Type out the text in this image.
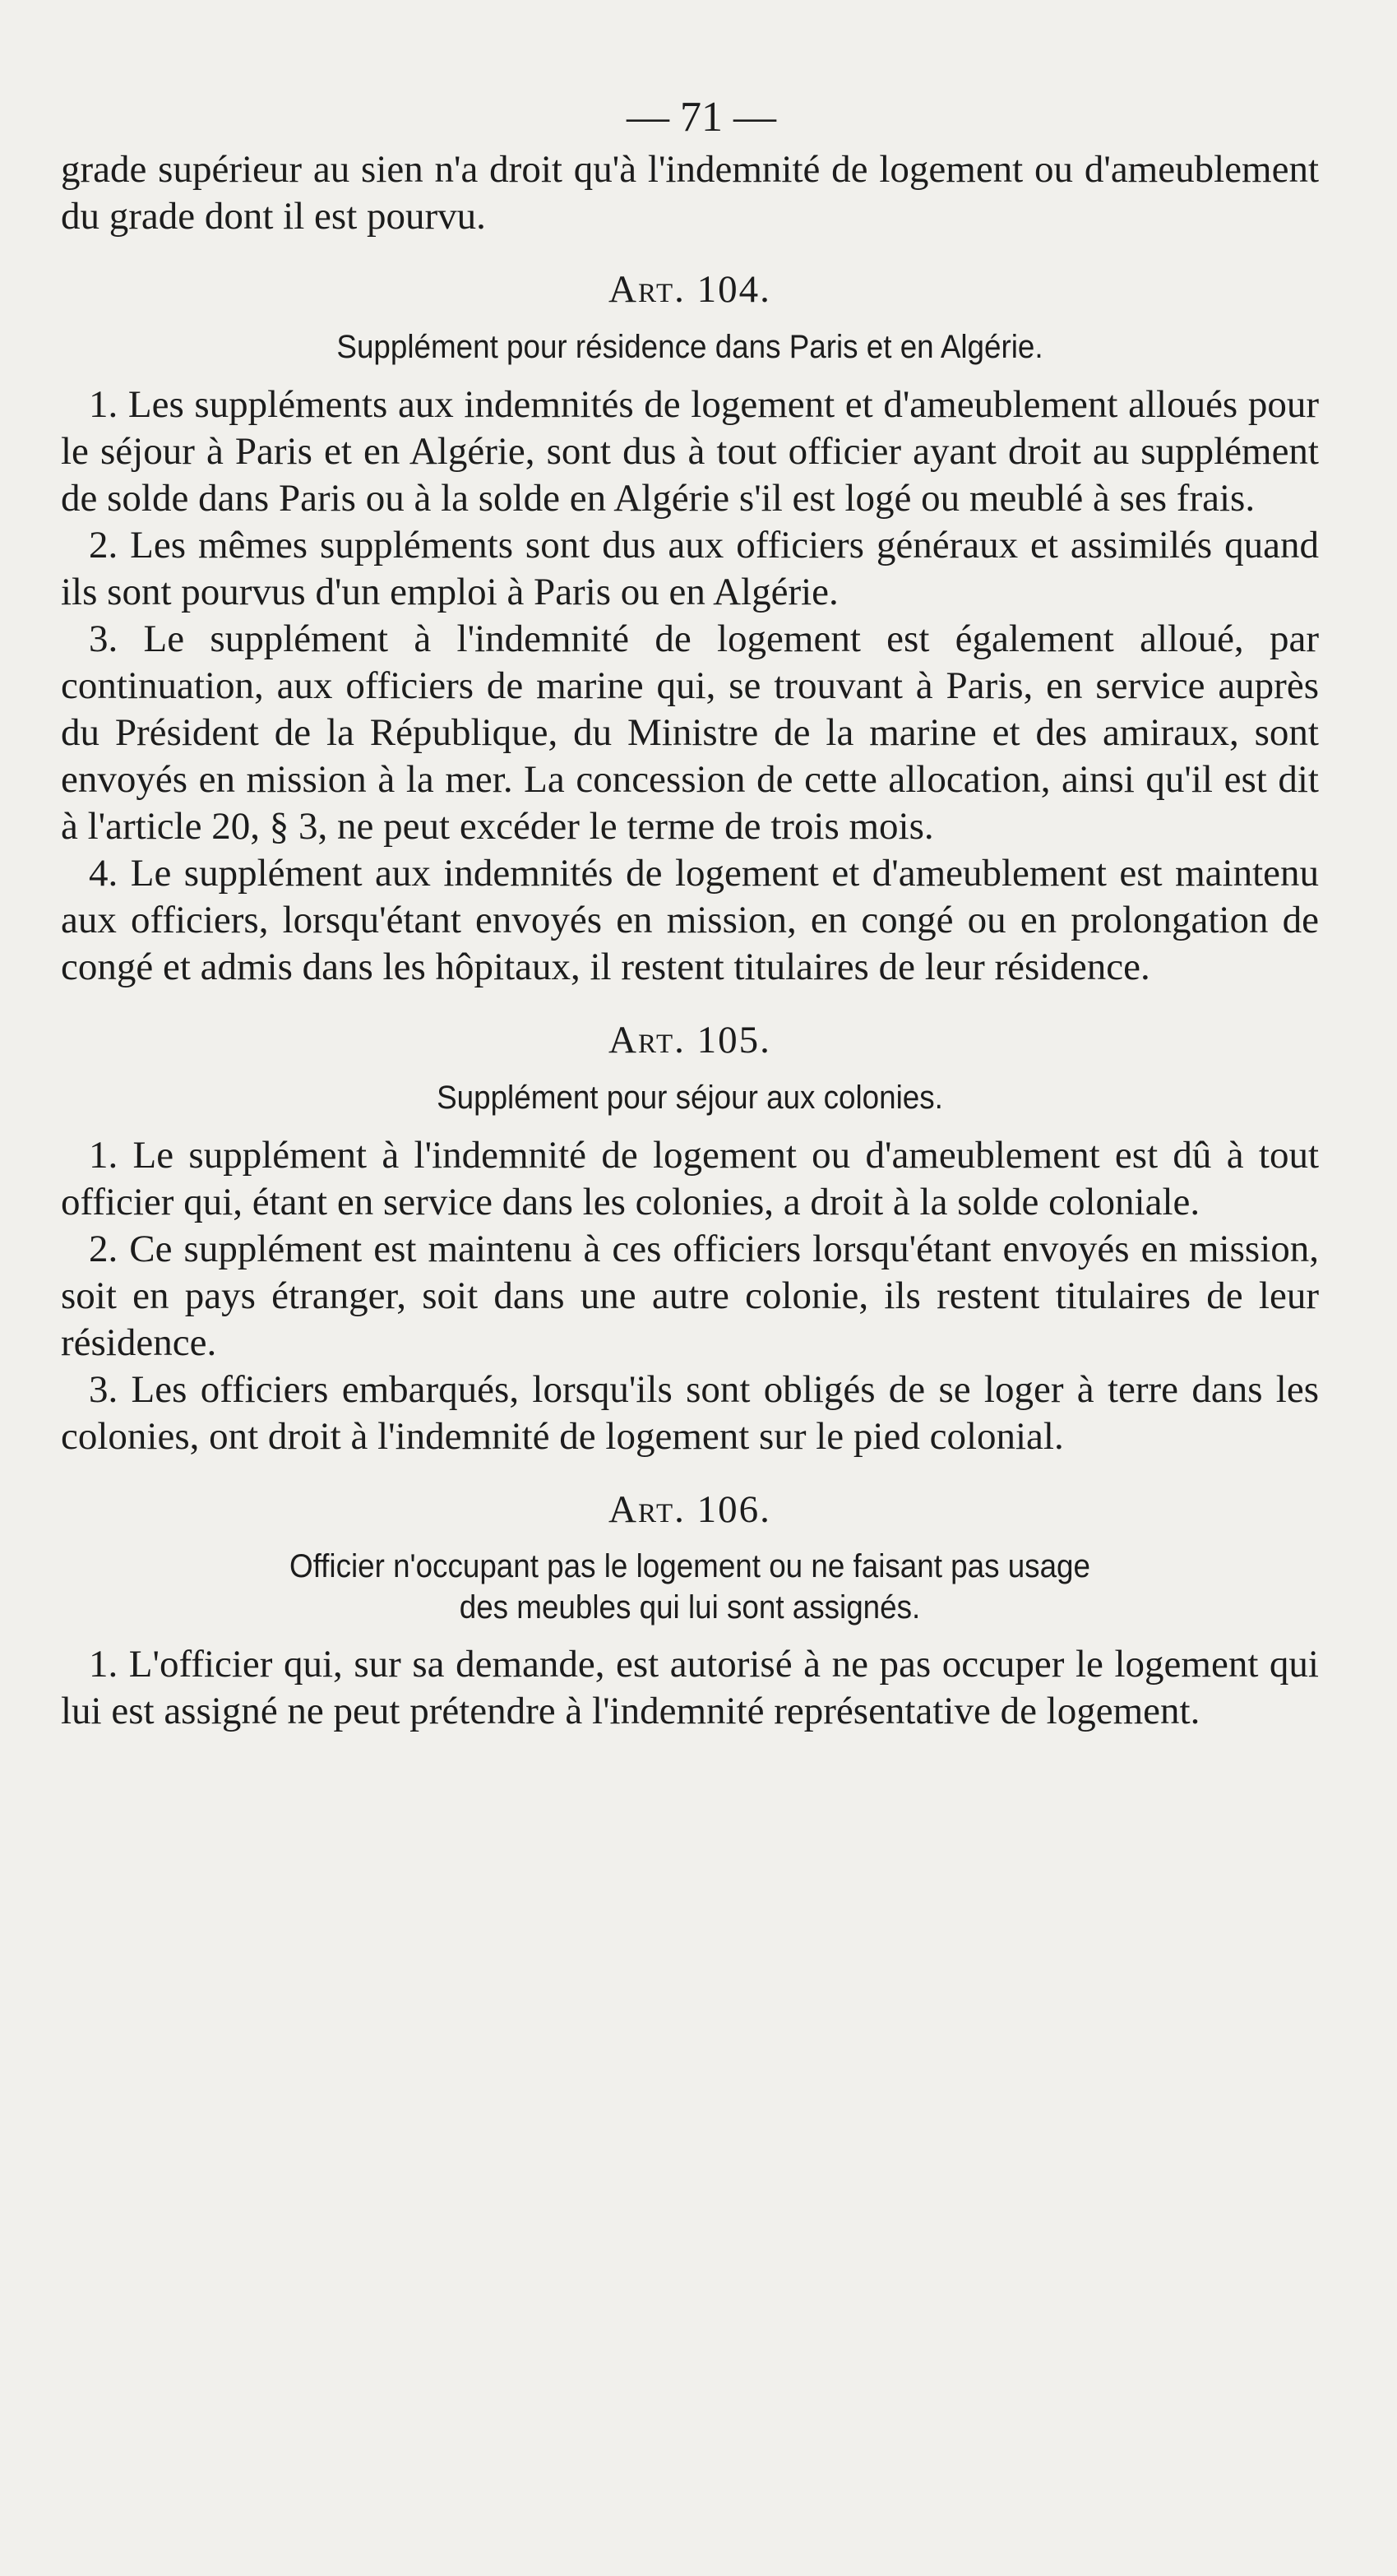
— 71 —

grade supérieur au sien n'a droit qu'à l'indemnité de logement ou d'ameublement du grade dont il est pourvu.

Art. 104.
Supplément pour résidence dans Paris et en Algérie.

1. Les suppléments aux indemnités de logement et d'ameublement alloués pour le séjour à Paris et en Algérie, sont dus à tout officier ayant droit au supplément de solde dans Paris ou à la solde en Algérie s'il est logé ou meublé à ses frais.

2. Les mêmes suppléments sont dus aux officiers généraux et assimilés quand ils sont pourvus d'un emploi à Paris ou en Algérie.

3. Le supplément à l'indemnité de logement est également alloué, par continuation, aux officiers de marine qui, se trouvant à Paris, en service auprès du Président de la République, du Ministre de la marine et des amiraux, sont envoyés en mission à la mer. La concession de cette allocation, ainsi qu'il est dit à l'article 20, § 3, ne peut excéder le terme de trois mois.

4. Le supplément aux indemnités de logement et d'ameublement est maintenu aux officiers, lorsqu'étant envoyés en mission, en congé ou en prolongation de congé et admis dans les hôpitaux, il restent titulaires de leur résidence.

Art. 105.
Supplément pour séjour aux colonies.

1. Le supplément à l'indemnité de logement ou d'ameublement est dû à tout officier qui, étant en service dans les colonies, a droit à la solde coloniale.

2. Ce supplément est maintenu à ces officiers lorsqu'étant envoyés en mission, soit en pays étranger, soit dans une autre colonie, ils restent titulaires de leur résidence.

3. Les officiers embarqués, lorsqu'ils sont obligés de se loger à terre dans les colonies, ont droit à l'indemnité de logement sur le pied colonial.

Art. 106.
Officier n'occupant pas le logement ou ne faisant pas usage
des meubles qui lui sont assignés.

1. L'officier qui, sur sa demande, est autorisé à ne pas occuper le logement qui lui est assigné ne peut prétendre à l'indemnité représentative de logement.
